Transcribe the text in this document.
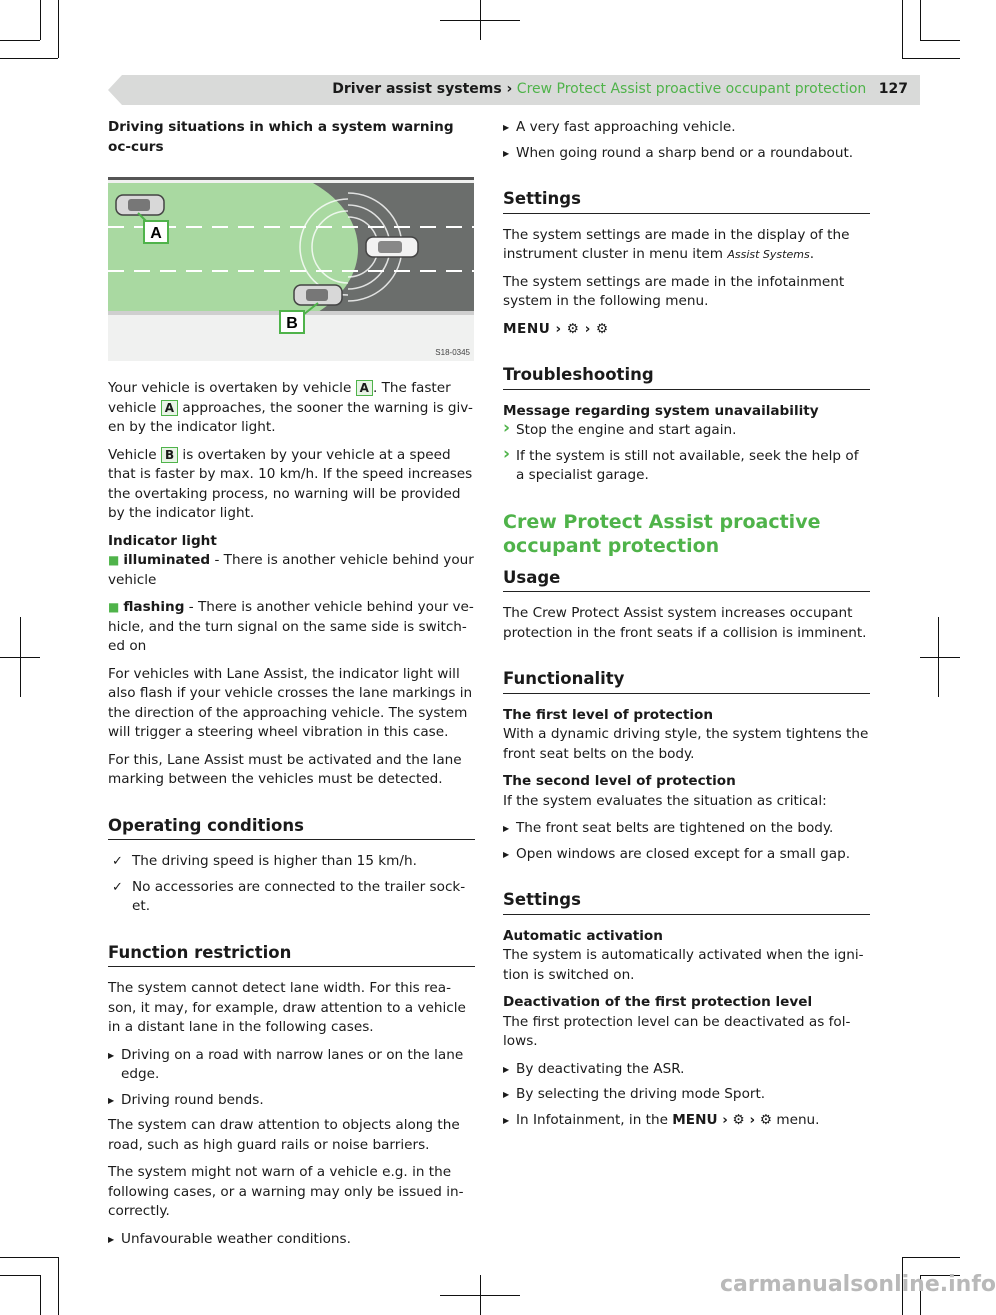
Driver assist systems › Crew Protect Assist proactive occupant protection 127

Driving situations in which a system warning oc-curs

A
B
S18-0345

Your vehicle is overtaken by vehicle A . The faster vehicle A approaches, the sooner the warning is giv-en by the indicator light.

Vehicle B is overtaken by your vehicle at a speed that is faster by max. 10 km/h. If the speed increases the overtaking process, no warning will be provided by the indicator light.

Indicator light

■ illuminated - There is another vehicle behind your vehicle

■ flashing - There is another vehicle behind your ve-hicle, and the turn signal on the same side is switch-ed on

For vehicles with Lane Assist, the indicator light will also flash if your vehicle crosses the lane markings in the direction of the approaching vehicle. The system will trigger a steering wheel vibration in this case.

For this, Lane Assist must be activated and the lane marking between the vehicles must be detected.

Operating conditions
✓ The driving speed is higher than 15 km/h.
✓ No accessories are connected to the trailer sock-et.
Function restriction

The system cannot detect lane width. For this rea-son, it may, for example, draw attention to a vehicle in a distant lane in the following cases.

▶ Driving on a road with narrow lanes or on the lane edge.
▶ Driving round bends.

The system can draw attention to objects along the road, such as high guard rails or noise barriers.

The system might not warn of a vehicle e.g. in the following cases, or a warning may only be issued in-correctly.

▶ Unfavourable weather conditions.
▶ A very fast approaching vehicle.
▶ When going round a sharp bend or a roundabout.
Settings

The system settings are made in the display of the instrument cluster in menu item Assist Systems.

The system settings are made in the infotainment system in the following menu.

MENU › ⚙ › ⚙
Troubleshooting
Message regarding system unavailability
› Stop the engine and start again.
› If the system is still not available, seek the help of a specialist garage.
Crew Protect Assist proactive occupant protection
Usage

The Crew Protect Assist system increases occupant protection in the front seats if a collision is imminent.

Functionality
The first level of protection

With a dynamic driving style, the system tightens the front seat belts on the body.

The second level of protection

If the system evaluates the situation as critical:

▶ The front seat belts are tightened on the body.
▶ Open windows are closed except for a small gap.
Settings
Automatic activation

The system is automatically activated when the igni-tion is switched on.

Deactivation of the first protection level

The first protection level can be deactivated as fol-lows.

▶ By deactivating the ASR.
▶ By selecting the driving mode Sport.
▶ In Infotainment, in the MENU › ⚙ › ⚙ menu.
carmanualsonline.info
